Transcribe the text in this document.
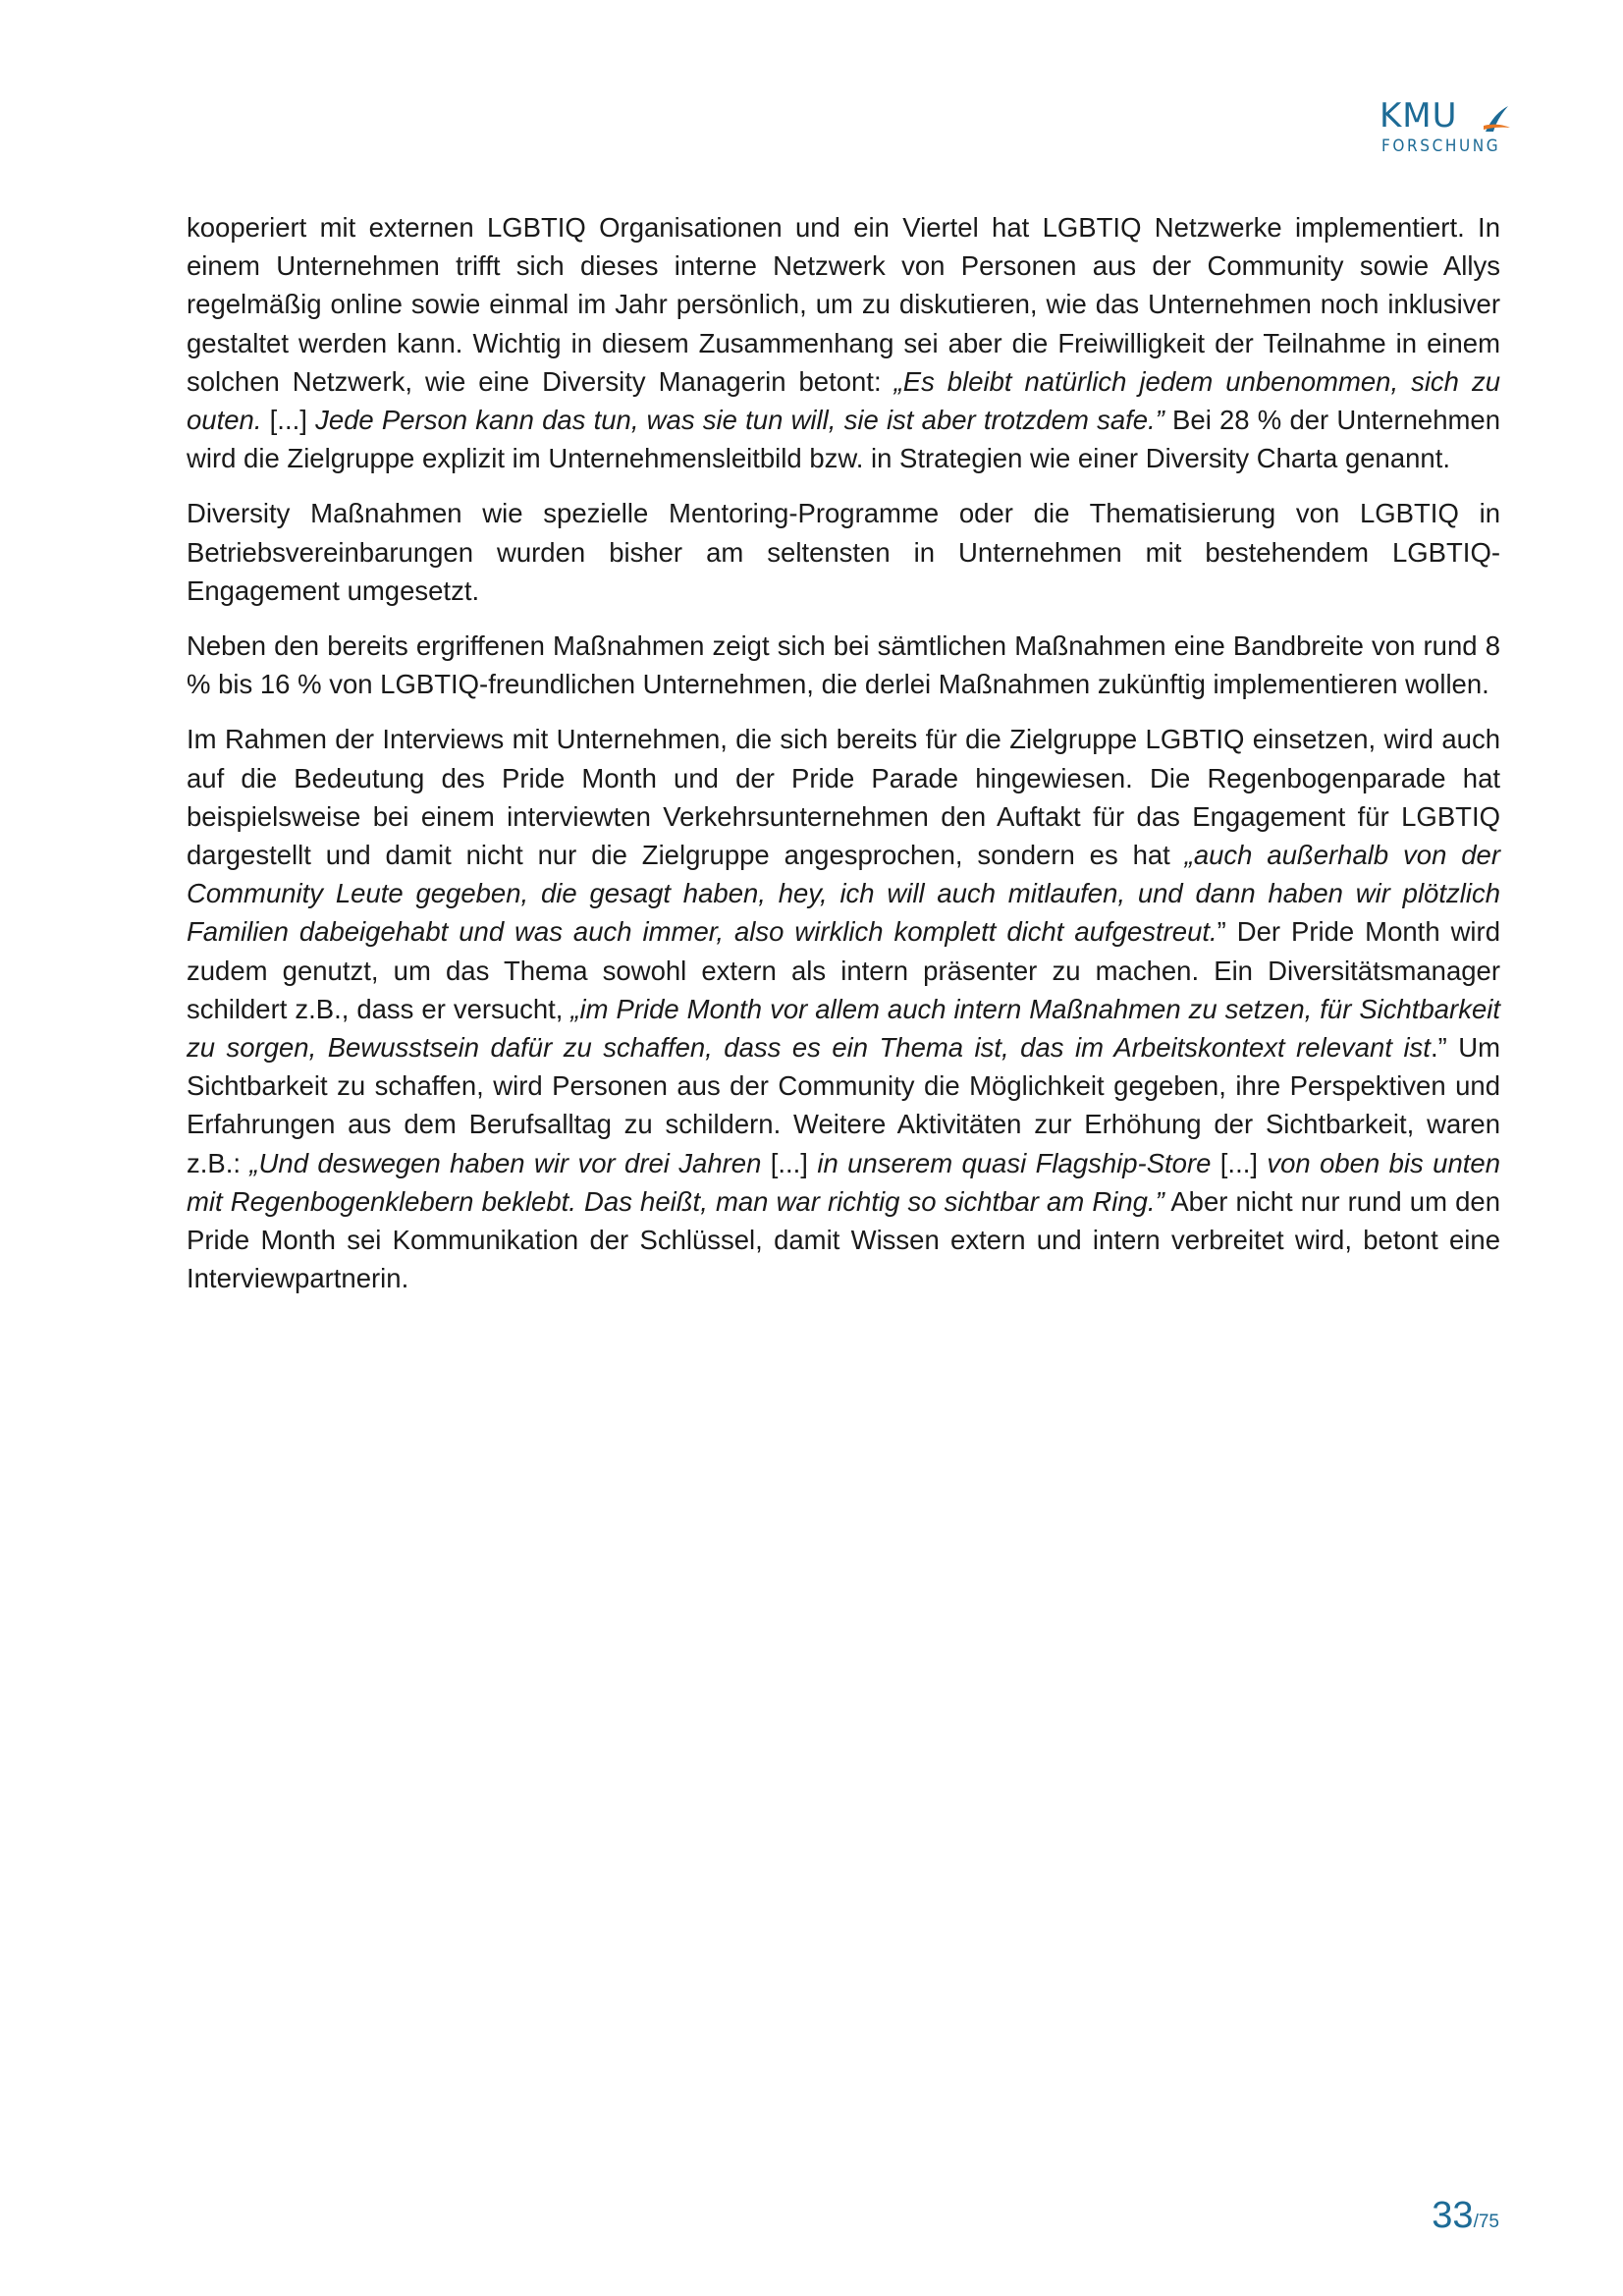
KMU
FORSCHUNG

kooperiert mit externen LGBTIQ Organisationen und ein Viertel hat LGBTIQ Netzwerke implementiert. In einem Unternehmen trifft sich dieses interne Netzwerk von Personen aus der Community sowie Allys regelmäßig online sowie einmal im Jahr persönlich, um zu diskutieren, wie das Unternehmen noch inklusiver gestaltet werden kann. Wichtig in diesem Zusammenhang sei aber die Freiwilligkeit der Teilnahme in einem solchen Netzwerk, wie eine Diversity Managerin betont: „Es bleibt natürlich jedem unbenommen, sich zu outen. [...] Jede Person kann das tun, was sie tun will, sie ist aber trotzdem safe.” Bei 28 % der Unternehmen wird die Zielgruppe explizit im Unternehmensleitbild bzw. in Strategien wie einer Diversity Charta genannt.

Diversity Maßnahmen wie spezielle Mentoring-Programme oder die Thematisierung von LGBTIQ in Betriebsvereinbarungen wurden bisher am seltensten in Unternehmen mit bestehendem LGBTIQ-Engagement umgesetzt.

Neben den bereits ergriffenen Maßnahmen zeigt sich bei sämtlichen Maßnahmen eine Bandbreite von rund 8 % bis 16 % von LGBTIQ-freundlichen Unternehmen, die derlei Maßnahmen zukünftig implementieren wollen.

Im Rahmen der Interviews mit Unternehmen, die sich bereits für die Zielgruppe LGBTIQ einsetzen, wird auch auf die Bedeutung des Pride Month und der Pride Parade hingewiesen. Die Regenbogenparade hat beispielsweise bei einem interviewten Verkehrsunternehmen den Auftakt für das Engagement für LGBTIQ dargestellt und damit nicht nur die Zielgruppe angesprochen, sondern es hat „auch außerhalb von der Community Leute gegeben, die gesagt haben, hey, ich will auch mitlaufen, und dann haben wir plötzlich Familien dabeigehabt und was auch immer, also wirklich komplett dicht aufgestreut.” Der Pride Month wird zudem genutzt, um das Thema sowohl extern als intern präsenter zu machen. Ein Diversitätsmanager schildert z.B., dass er versucht, „im Pride Month vor allem auch intern Maßnahmen zu setzen, für Sichtbarkeit zu sorgen, Bewusstsein dafür zu schaffen, dass es ein Thema ist, das im Arbeitskontext relevant ist.” Um Sichtbarkeit zu schaffen, wird Personen aus der Community die Möglichkeit gegeben, ihre Perspektiven und Erfahrungen aus dem Berufsalltag zu schildern. Weitere Aktivitäten zur Erhöhung der Sichtbarkeit, waren z.B.: „Und deswegen haben wir vor drei Jahren [...] in unserem quasi Flagship-Store [...] von oben bis unten mit Regenbogenklebern beklebt. Das heißt, man war richtig so sichtbar am Ring.” Aber nicht nur rund um den Pride Month sei Kommunikation der Schlüssel, damit Wissen extern und intern verbreitet wird, betont eine Interviewpartnerin.

33/75
